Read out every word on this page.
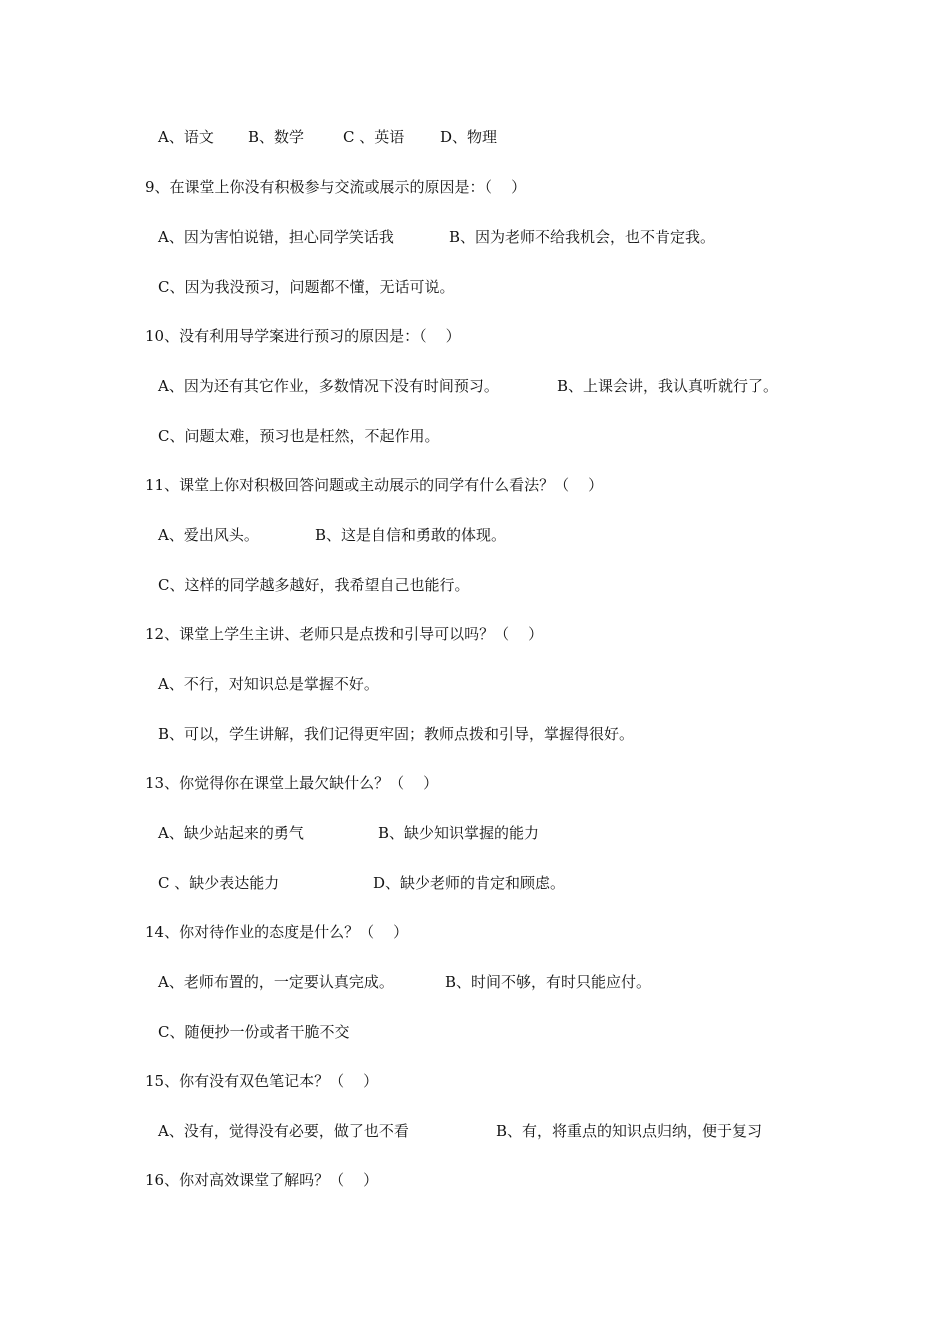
A、语文 B、数学	C 、英语 D、物理
9、在课堂上你没有积极参与交流或展示的原因是：（    ）
A、因为害怕说错，担心同学笑话我	B、因为老师不给我机会，也不肯定我。
C、因为我没预习，问题都不懂，无话可说。
10、没有利用导学案进行预习的原因是：（    ）
A、因为还有其它作业，多数情况下没有时间预习。	B、上课会讲，我认真听就行了。
C、问题太难，预习也是枉然，不起作用。
11、课堂上你对积极回答问题或主动展示的同学有什么看法？（    ）
A、爱出风头。	B、这是自信和勇敢的体现。
C、这样的同学越多越好，我希望自己也能行。
12、课堂上学生主讲、老师只是点拨和引导可以吗？（    ）
A、不行，对知识总是掌握不好。
B、可以，学生讲解，我们记得更牢固；教师点拨和引导，掌握得很好。
13、你觉得你在课堂上最欠缺什么？（    ）
A、缺少站起来的勇气	B、缺少知识掌握的能力
C 、缺少表达能力	D、缺少老师的肯定和顾虑。
14、你对待作业的态度是什么？（    ）
A、老师布置的，一定要认真完成。	B、时间不够，有时只能应付。
C、随便抄一份或者干脆不交
15、你有没有双色笔记本？（    ）
A、没有，觉得没有必要，做了也不看	B、有，将重点的知识点归纳，便于复习
16、你对高效课堂了解吗？（    ）
